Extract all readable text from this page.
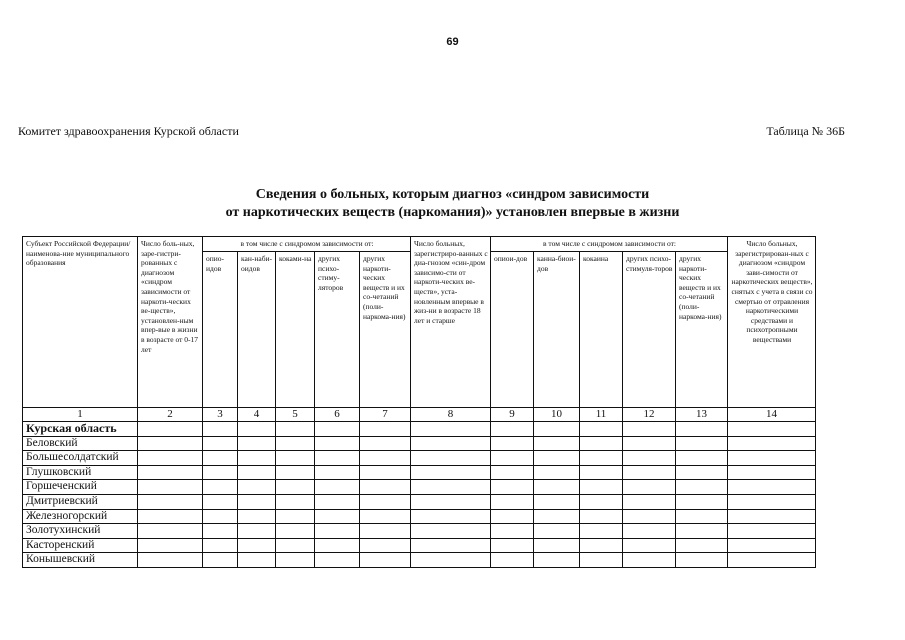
69
Комитет здравоохранения Курской области	Таблица № 36Б
Сведения о больных, которым диагноз «синдром зависимости
от наркотических веществ (наркомания)» установлен впервые в жизни
Субъект Российской Федерации/ наименова-ние муниципального образования	Число боль-ных, заре-гистри-рованных с диагнозом «синдром зависимости от наркоти-ческих ве-ществ», установлен-ным впер-вые в жизни в возрасте от 0-17 лет	в том числе с синдромом зависимости от:					Число больных, зарегистриро-ванных с диа-гнозом «син-дром зависимо-сти от наркоти-ческих ве-ществ», уста-новленным впервые в жиз-ни в возрасте 18 лет и старше	в том числе с синдромом зависимости от:					Число больных, зарегистрирован-ных с диагнозом «синдром зави-симости от наркотических веществ», снятых с учета в связи со смертью от отравления наркотическими средствами и психотропными веществами
		опио-идов	кан-наби-оидов	коками-на	других психо-стиму-ляторов	других наркоти-ческих веществ и их со-четаний (поли-наркома-ния)		опиои-дов	канна-биои-дов	кокаина	других психо-стимуля-торов	других наркоти-ческих веществ и их со-четаний (поли-наркома-ния)	
1	2	3	4	5	6	7	8	9	10	11	12	13	14
Курская область													
Беловский													
Большесолдатский													
Глушковский													
Горшеченский													
Дмитриевский													
Железногорский													
Золотухинский													
Касторенский													
Конышевский													
